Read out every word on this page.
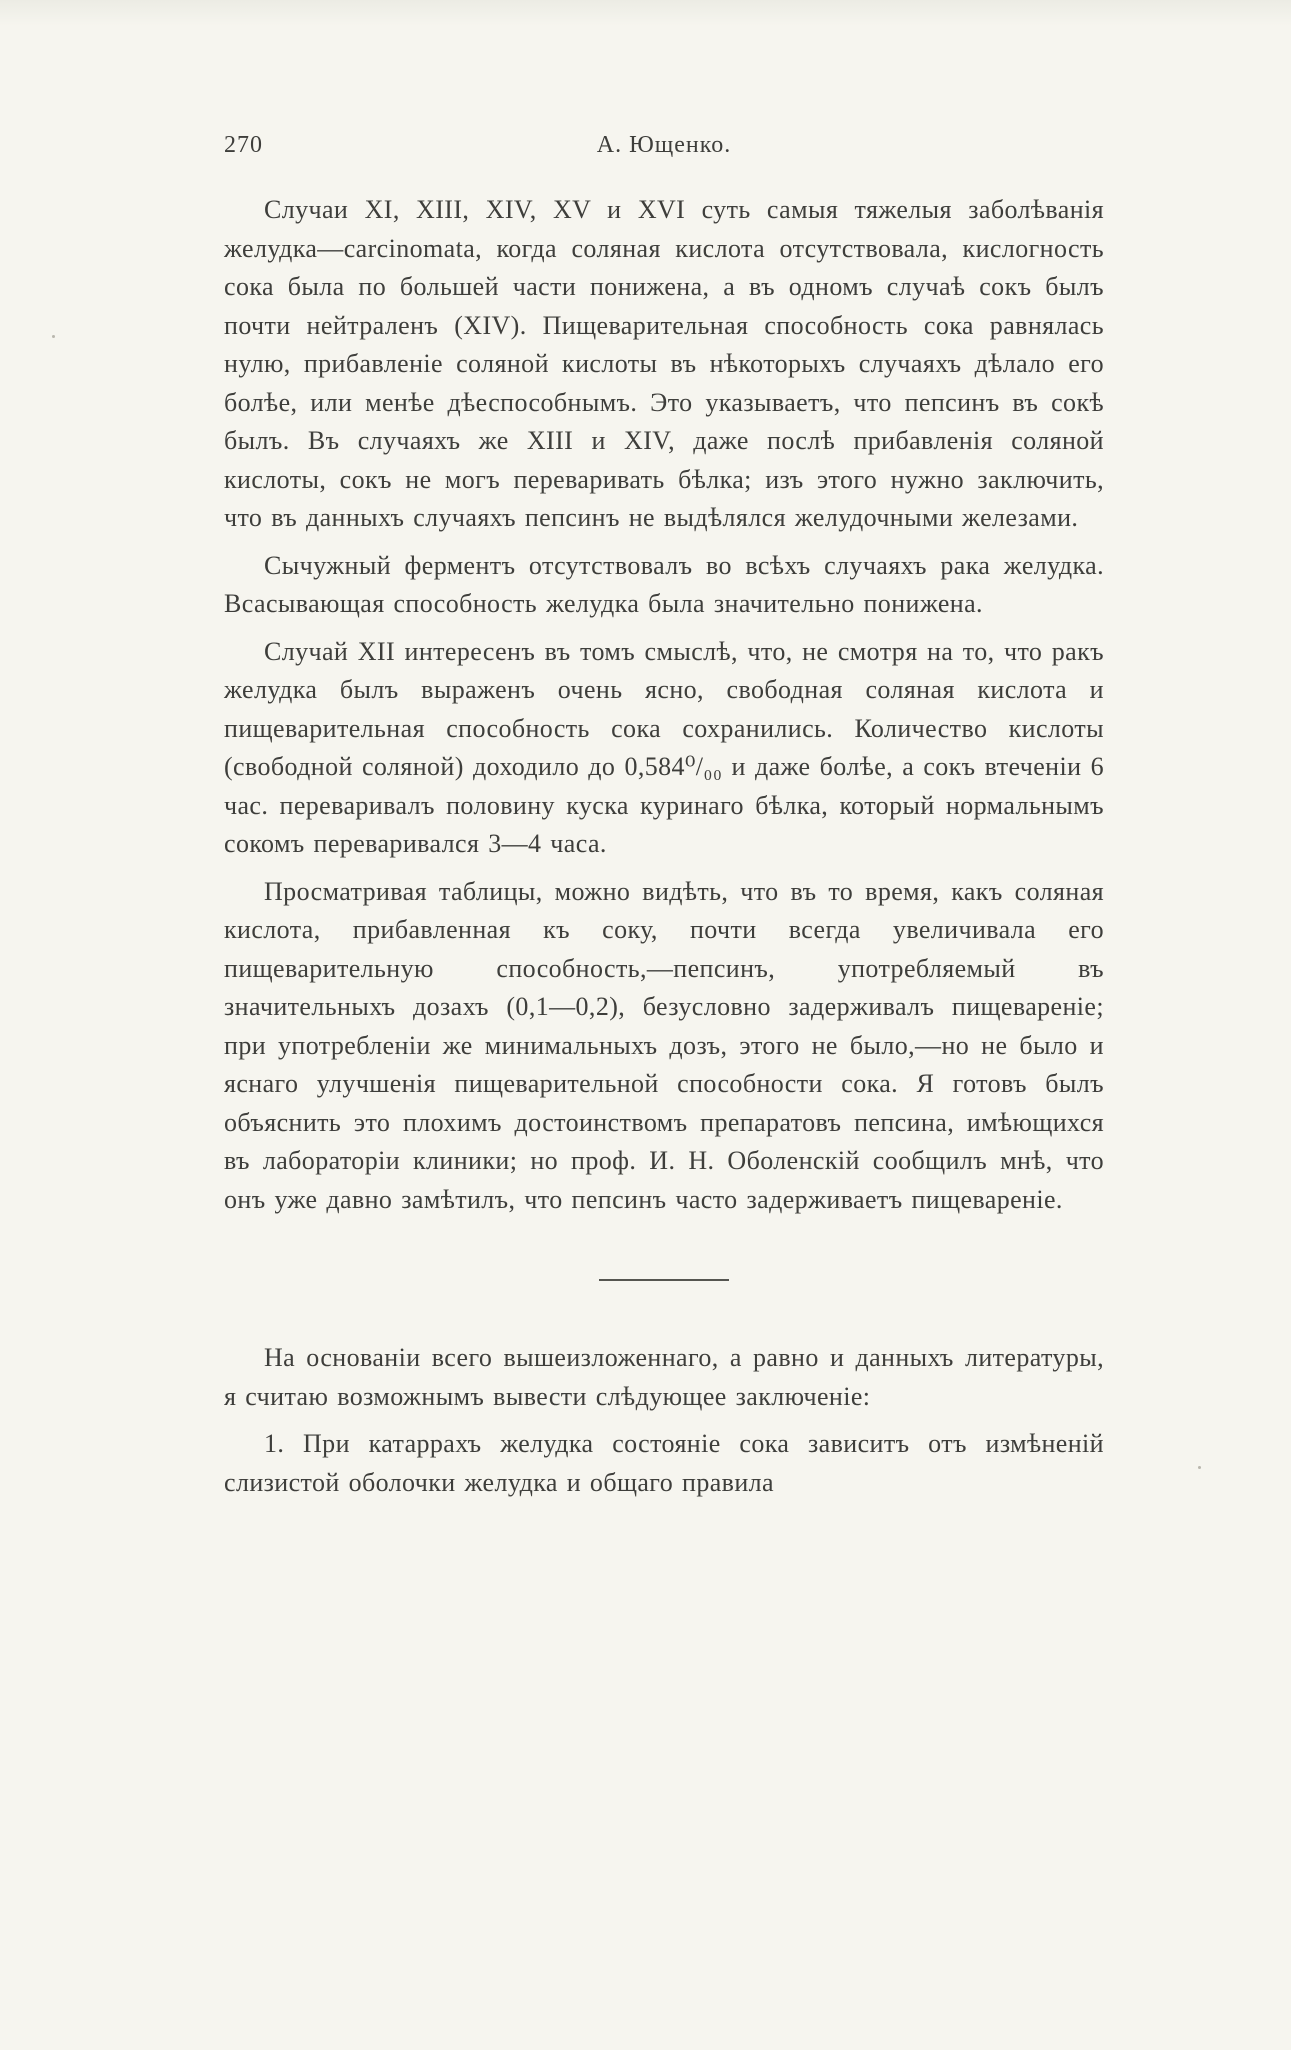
270	А. Ющенко.

Случаи XI, XIII, XIV, XV и XVI суть самыя тяжелыя заболѣванія желудка—carcinomata, когда соляная кислота отсутствовала, кислогность сока была по большей части понижена, а въ одномъ случаѣ сокъ былъ почти нейтраленъ (XIV). Пищеварительная способность сока равнялась нулю, прибавленіе соляной кислоты въ нѣкоторыхъ случаяхъ дѣлало его болѣе, или менѣе дѣеспособнымъ. Это указываетъ, что пепсинъ въ сокѣ былъ. Въ случаяхъ же XIII и XIV, даже послѣ прибавленія соляной кислоты, сокъ не могъ переваривать бѣлка; изъ этого нужно заключить, что въ данныхъ случаяхъ пепсинъ не выдѣлялся желудочными железами.

Сычужный ферментъ отсутствовалъ во всѣхъ случаяхъ рака желудка. Всасывающая способность желудка была значительно понижена.

Случай XII интересенъ въ томъ смыслѣ, что, не смотря на то, что ракъ желудка былъ выраженъ очень ясно, свободная соляная кислота и пищеварительная способность сока сохранились. Количество кислоты (свободной соляной) доходило до 0,584⁰/₀₀ и даже болѣе, а сокъ втеченіи 6 час. переваривалъ половину куска куринаго бѣлка, который нормальнымъ сокомъ переваривался 3—4 часа.

Просматривая таблицы, можно видѣть, что въ то время, какъ соляная кислота, прибавленная къ соку, почти всегда увеличивала его пищеварительную способность,—пепсинъ, употребляемый въ значительныхъ дозахъ (0,1—0,2), безусловно задерживалъ пищевареніе; при употребленіи же минимальныхъ дозъ, этого не было,—но не было и яснаго улучшенія пищеварительной способности сока. Я готовъ былъ объяснить это плохимъ достоинствомъ препаратовъ пепсина, имѣющихся въ лабораторіи клиники; но проф. И. Н. Оболенскій сообщилъ мнѣ, что онъ уже давно замѣтилъ, что пепсинъ часто задерживаетъ пищевареніе.

На основаніи всего вышеизложеннаго, а равно и данныхъ литературы, я считаю возможнымъ вывести слѣдующее заключеніе:

1. При катаррахъ желудка состояніе сока зависитъ отъ измѣненій слизистой оболочки желудка и общаго правила
